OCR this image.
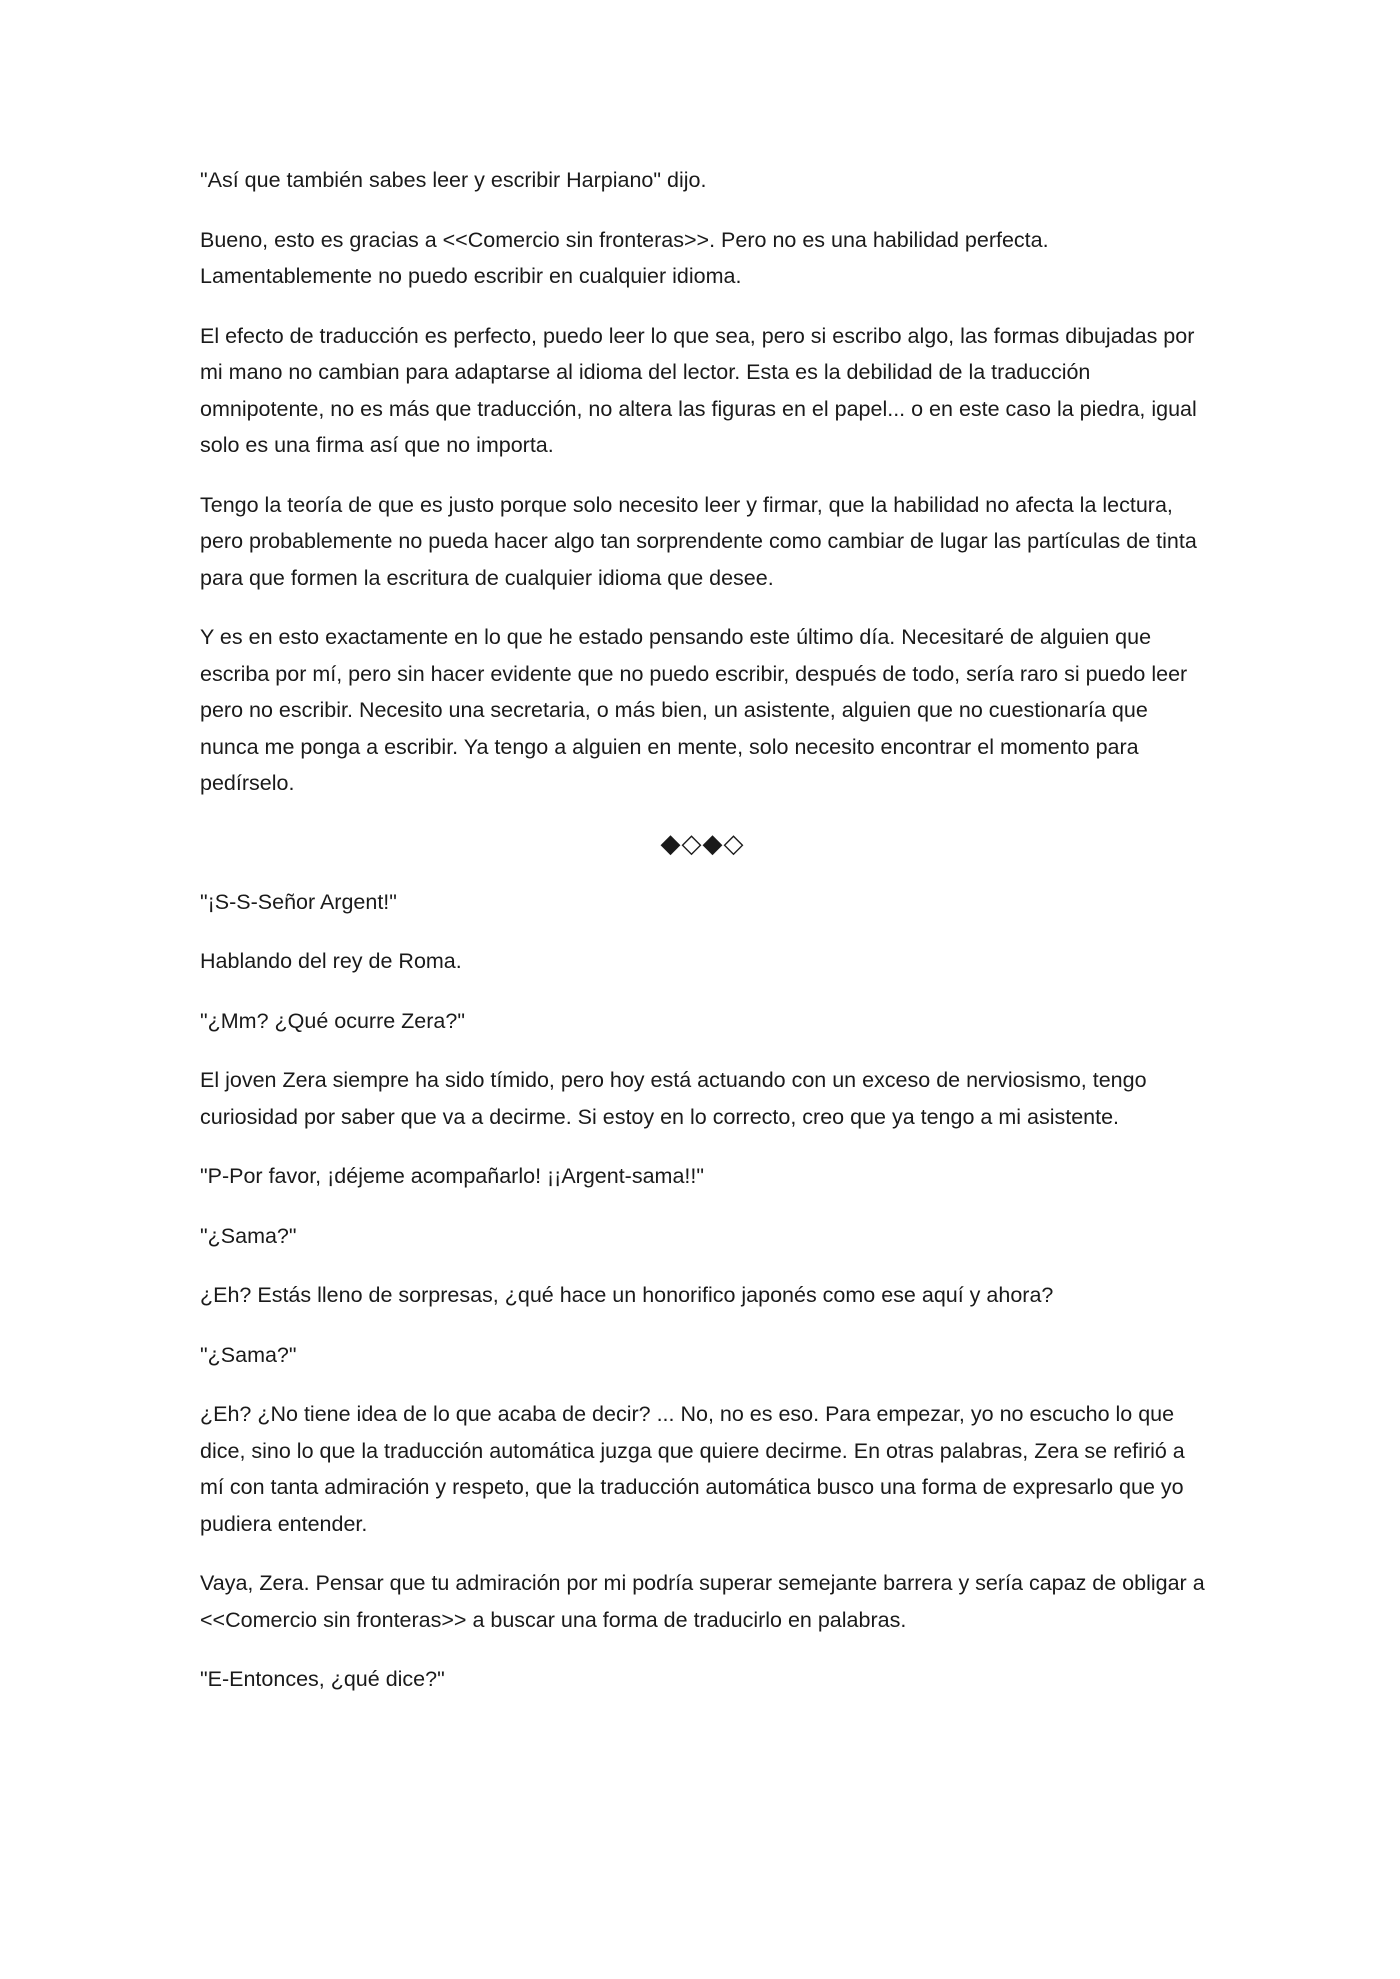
"Así que también sabes leer y escribir Harpiano" dijo.

Bueno, esto es gracias a <<Comercio sin fronteras>>. Pero no es una habilidad perfecta. Lamentablemente no puedo escribir en cualquier idioma.

El efecto de traducción es perfecto, puedo leer lo que sea, pero si escribo algo, las formas dibujadas por mi mano no cambian para adaptarse al idioma del lector. Esta es la debilidad de la traducción omnipotente, no es más que traducción, no altera las figuras en el papel... o en este caso la piedra, igual solo es una firma así que no importa.

Tengo la teoría de que es justo porque solo necesito leer y firmar, que la habilidad no afecta la lectura, pero probablemente no pueda hacer algo tan sorprendente como cambiar de lugar las partículas de tinta para que formen la escritura de cualquier idioma que desee.

Y es en esto exactamente en lo que he estado pensando este último día. Necesitaré de alguien que escriba por mí, pero sin hacer evidente que no puedo escribir, después de todo, sería raro si puedo leer pero no escribir. Necesito una secretaria, o más bien, un asistente, alguien que no cuestionaría que nunca me ponga a escribir. Ya tengo a alguien en mente, solo necesito encontrar el momento para pedírselo.

◆◇◆◇

"¡S-S-Señor Argent!"

Hablando del rey de Roma.

"¿Mm? ¿Qué ocurre Zera?"

El joven Zera siempre ha sido tímido, pero hoy está actuando con un exceso de nerviosismo, tengo curiosidad por saber que va a decirme. Si estoy en lo correcto, creo que ya tengo a mi asistente.

"P-Por favor, ¡déjeme acompañarlo! ¡¡Argent-sama!!"

"¿Sama?"

¿Eh? Estás lleno de sorpresas, ¿qué hace un honorifico japonés como ese aquí y ahora?

"¿Sama?"

¿Eh? ¿No tiene idea de lo que acaba de decir? ... No, no es eso. Para empezar, yo no escucho lo que dice, sino lo que la traducción automática juzga que quiere decirme. En otras palabras, Zera se refirió a mí con tanta admiración y respeto, que la traducción automática busco una forma de expresarlo que yo pudiera entender.

Vaya, Zera. Pensar que tu admiración por mi podría superar semejante barrera y sería capaz de obligar a <<Comercio sin fronteras>> a buscar una forma de traducirlo en palabras.

"E-Entonces, ¿qué dice?"
